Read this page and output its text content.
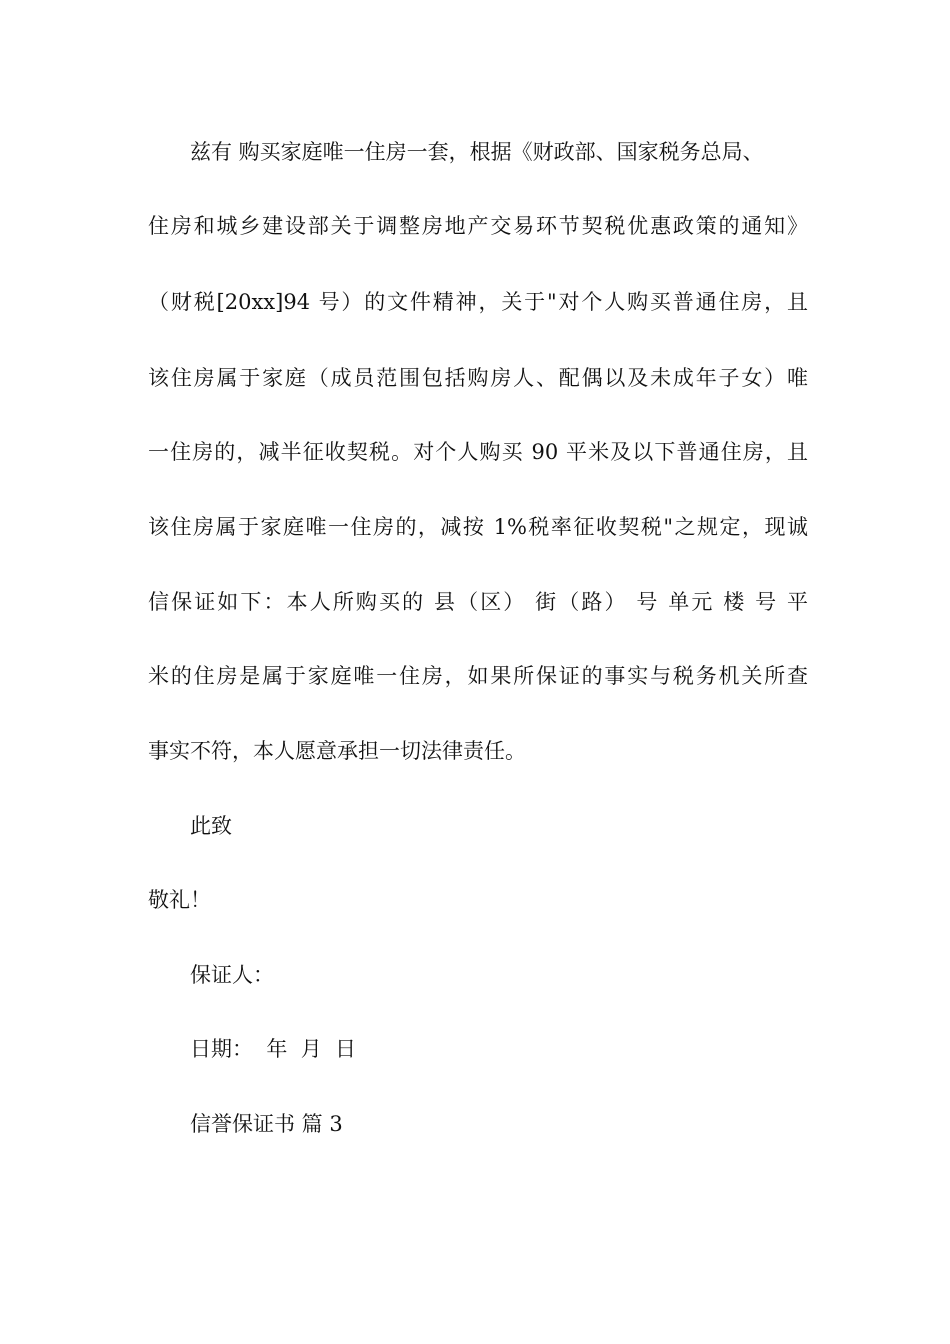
兹有 购买家庭唯一住房一套，根据《财政部、国家税务总局、
住房和城乡建设部关于调整房地产交易环节契税优惠政策的通知》
（财税[20xx]94 号）的文件精神，关于"对个人购买普通住房，且
该住房属于家庭（成员范围包括购房人、配偶以及未成年子女）唯
一住房的，减半征收契税。对个人购买 90 平米及以下普通住房，且
该住房属于家庭唯一住房的，减按 1%税率征收契税"之规定，现诚
信保证如下：本人所购买的 县（区） 街（路） 号 单元 楼 号 平
米的住房是属于家庭唯一住房，如果所保证的事实与税务机关所查
事实不符，本人愿意承担一切法律责任。
此致
敬礼！
保证人：
日期：  年  月  日
信誉保证书 篇 3
